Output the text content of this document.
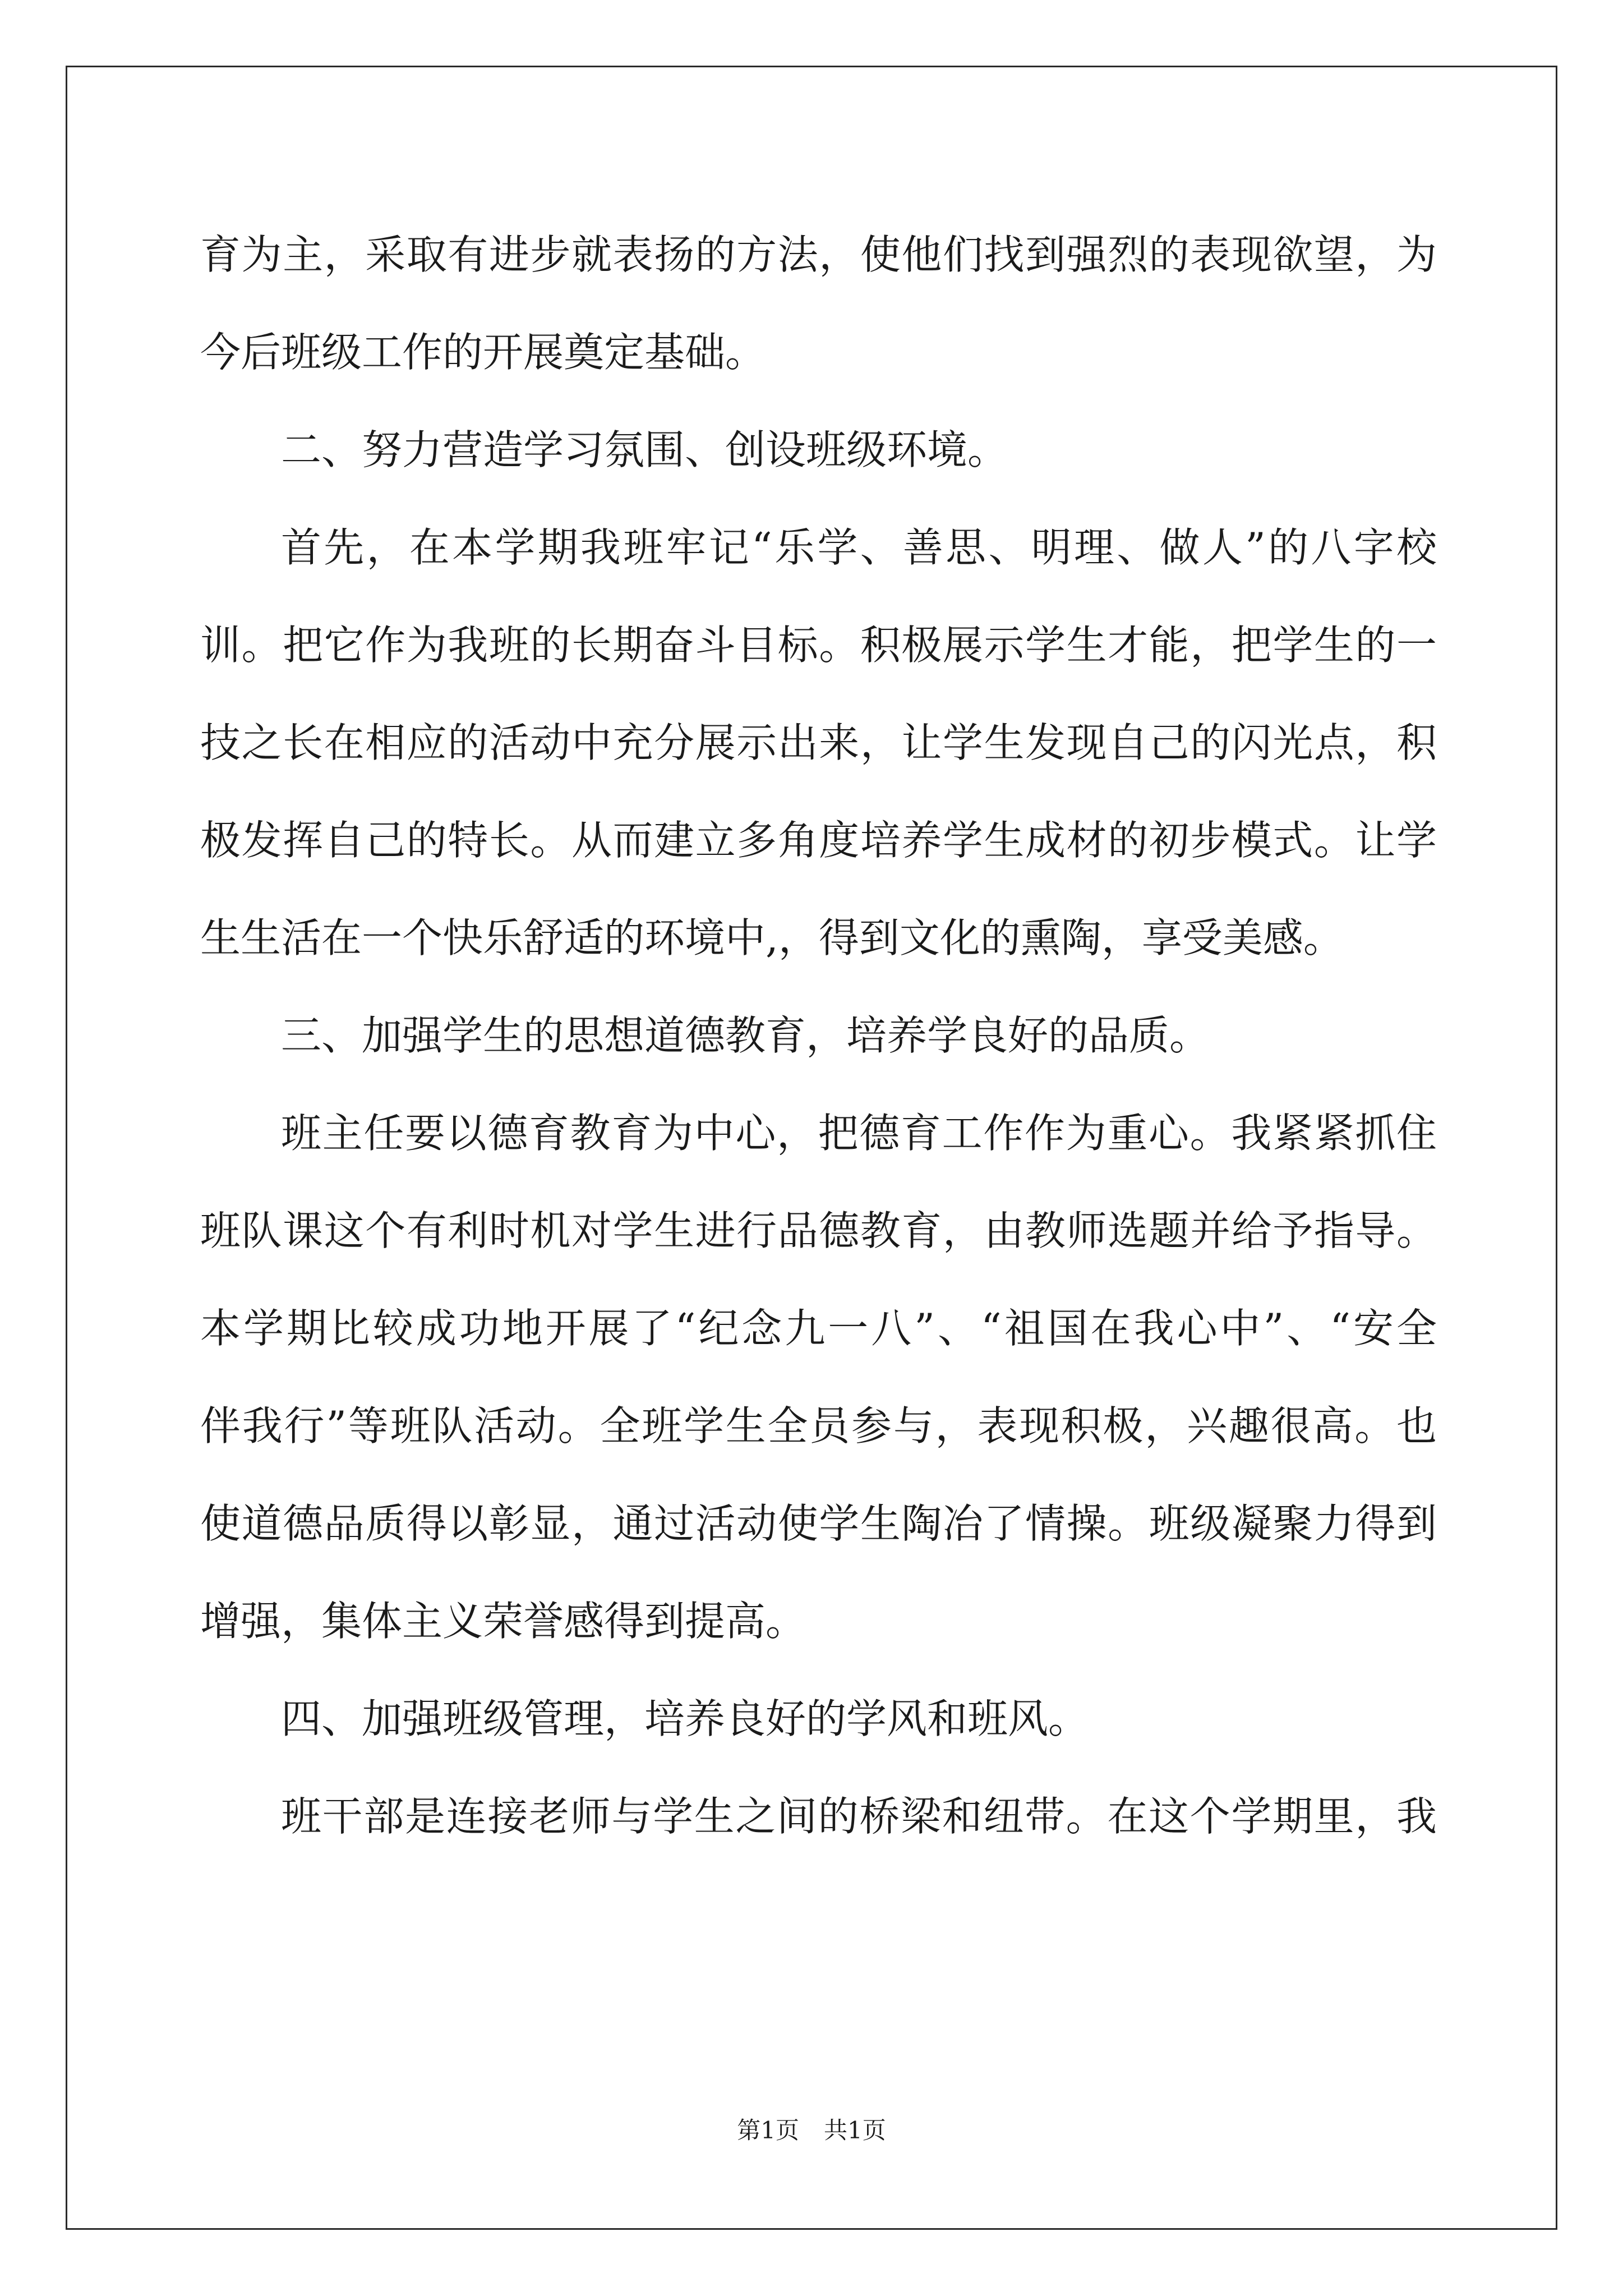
育为主，采取有进步就表扬的方法，使他们找到强烈的表现欲望，为
今后班级工作的开展奠定基础。
二、努力营造学习氛围、创设班级环境。
首先，在本学期我班牢记“乐学、善思、明理、做人”的八字校
训。把它作为我班的长期奋斗目标。积极展示学生才能，把学生的一
技之长在相应的活动中充分展示出来，让学生发现自己的闪光点，积
极发挥自己的特长。从而建立多角度培养学生成材的初步模式。让学
生生活在一个快乐舒适的环境中,，得到文化的熏陶，享受美感。
三、加强学生的思想道德教育，培养学良好的品质。
班主任要以德育教育为中心，把德育工作作为重心。我紧紧抓住
班队课这个有利时机对学生进行品德教育，由教师选题并给予指导。
本学期比较成功地开展了“纪念九一八”、“祖国在我心中”、“安全
伴我行”等班队活动。全班学生全员参与，表现积极，兴趣很高。也
使道德品质得以彰显，通过活动使学生陶冶了情操。班级凝聚力得到
增强，集体主义荣誉感得到提高。
四、加强班级管理，培养良好的学风和班风。
班干部是连接老师与学生之间的桥梁和纽带。在这个学期里，我
第1页 共1页
